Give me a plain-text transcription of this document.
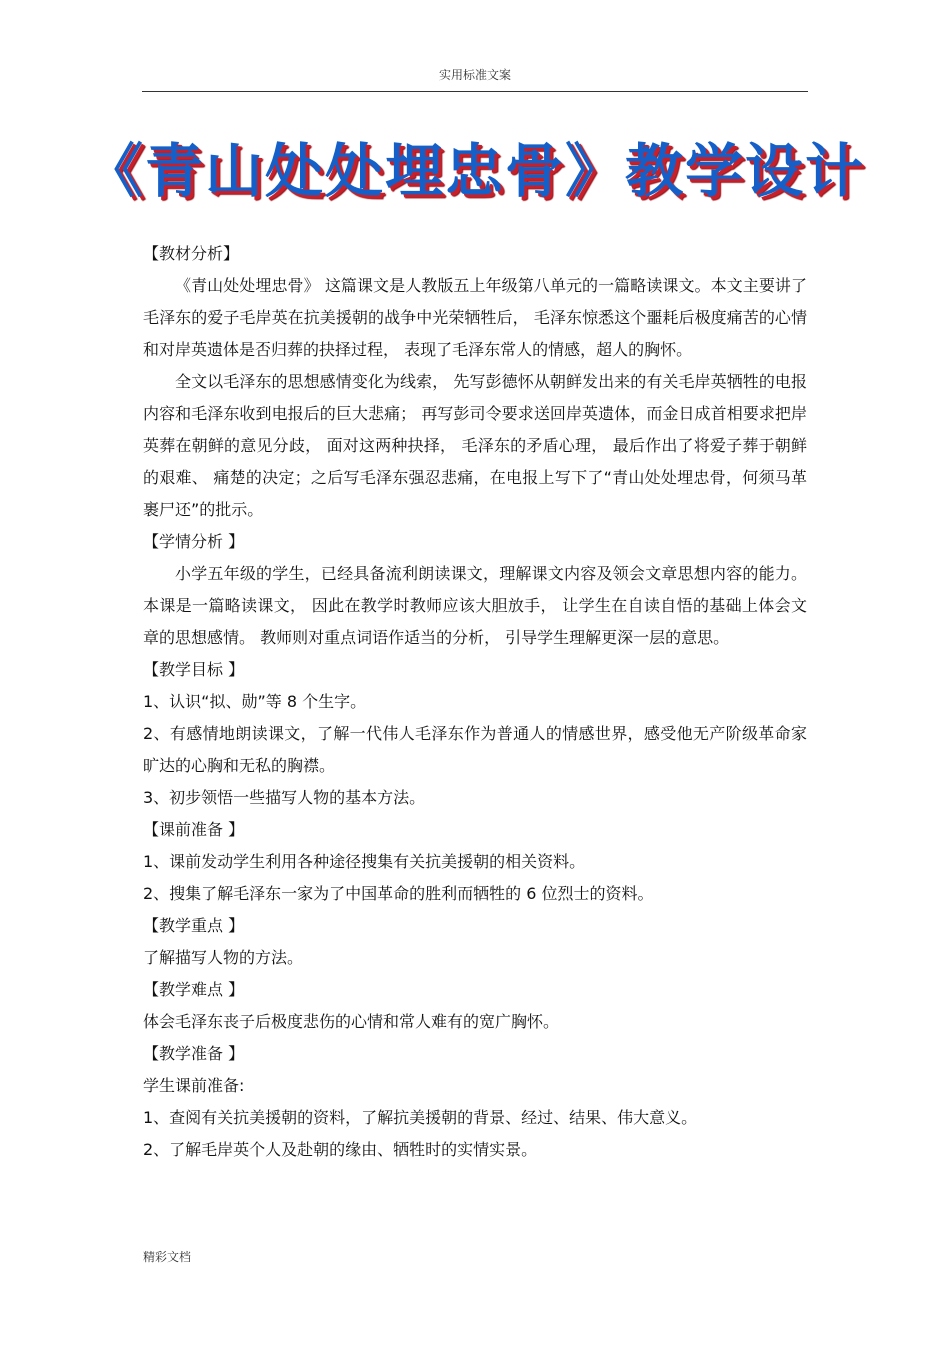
实用标准文案
《青山处处埋忠骨》教学设计
【教材分析】
《青山处处埋忠骨》 这篇课文是人教版五上年级第八单元的一篇略读课文。本文主要讲了毛泽东的爱子毛岸英在抗美援朝的战争中光荣牺牲后， 毛泽东惊悉这个噩耗后极度痛苦的心情和对岸英遗体是否归葬的抉择过程， 表现了毛泽东常人的情感，超人的胸怀。
全文以毛泽东的思想感情变化为线索， 先写彭德怀从朝鲜发出来的有关毛岸英牺牲的电报内容和毛泽东收到电报后的巨大悲痛； 再写彭司令要求送回岸英遗体，而金日成首相要求把岸英葬在朝鲜的意见分歧， 面对这两种抉择， 毛泽东的矛盾心理， 最后作出了将爱子葬于朝鲜的艰难、 痛楚的决定；之后写毛泽东强忍悲痛，在电报上写下了“青山处处埋忠骨，何须马革裹尸还”的批示。
【学情分析 】
小学五年级的学生，已经具备流利朗读课文，理解课文内容及领会文章思想内容的能力。 本课是一篇略读课文， 因此在教学时教师应该大胆放手， 让学生在自读自悟的基础上体会文章的思想感情。 教师则对重点词语作适当的分析， 引导学生理解更深一层的意思。
【教学目标 】
1、认识“拟、勋”等 8 个生字。
2、有感情地朗读课文，了解一代伟人毛泽东作为普通人的情感世界，感受他无产阶级革命家旷达的心胸和无私的胸襟。
3、初步领悟一些描写人物的基本方法。
【课前准备 】
1、课前发动学生利用各种途径搜集有关抗美援朝的相关资料。
2、搜集了解毛泽东一家为了中国革命的胜利而牺牲的 6 位烈士的资料。
【教学重点 】
了解描写人物的方法。
【教学难点 】
体会毛泽东丧子后极度悲伤的心情和常人难有的宽广胸怀。
【教学准备 】
学生课前准备:
1、查阅有关抗美援朝的资料，了解抗美援朝的背景、经过、结果、伟大意义。
2、了解毛岸英个人及赴朝的缘由、牺牲时的实情实景。
精彩文档
